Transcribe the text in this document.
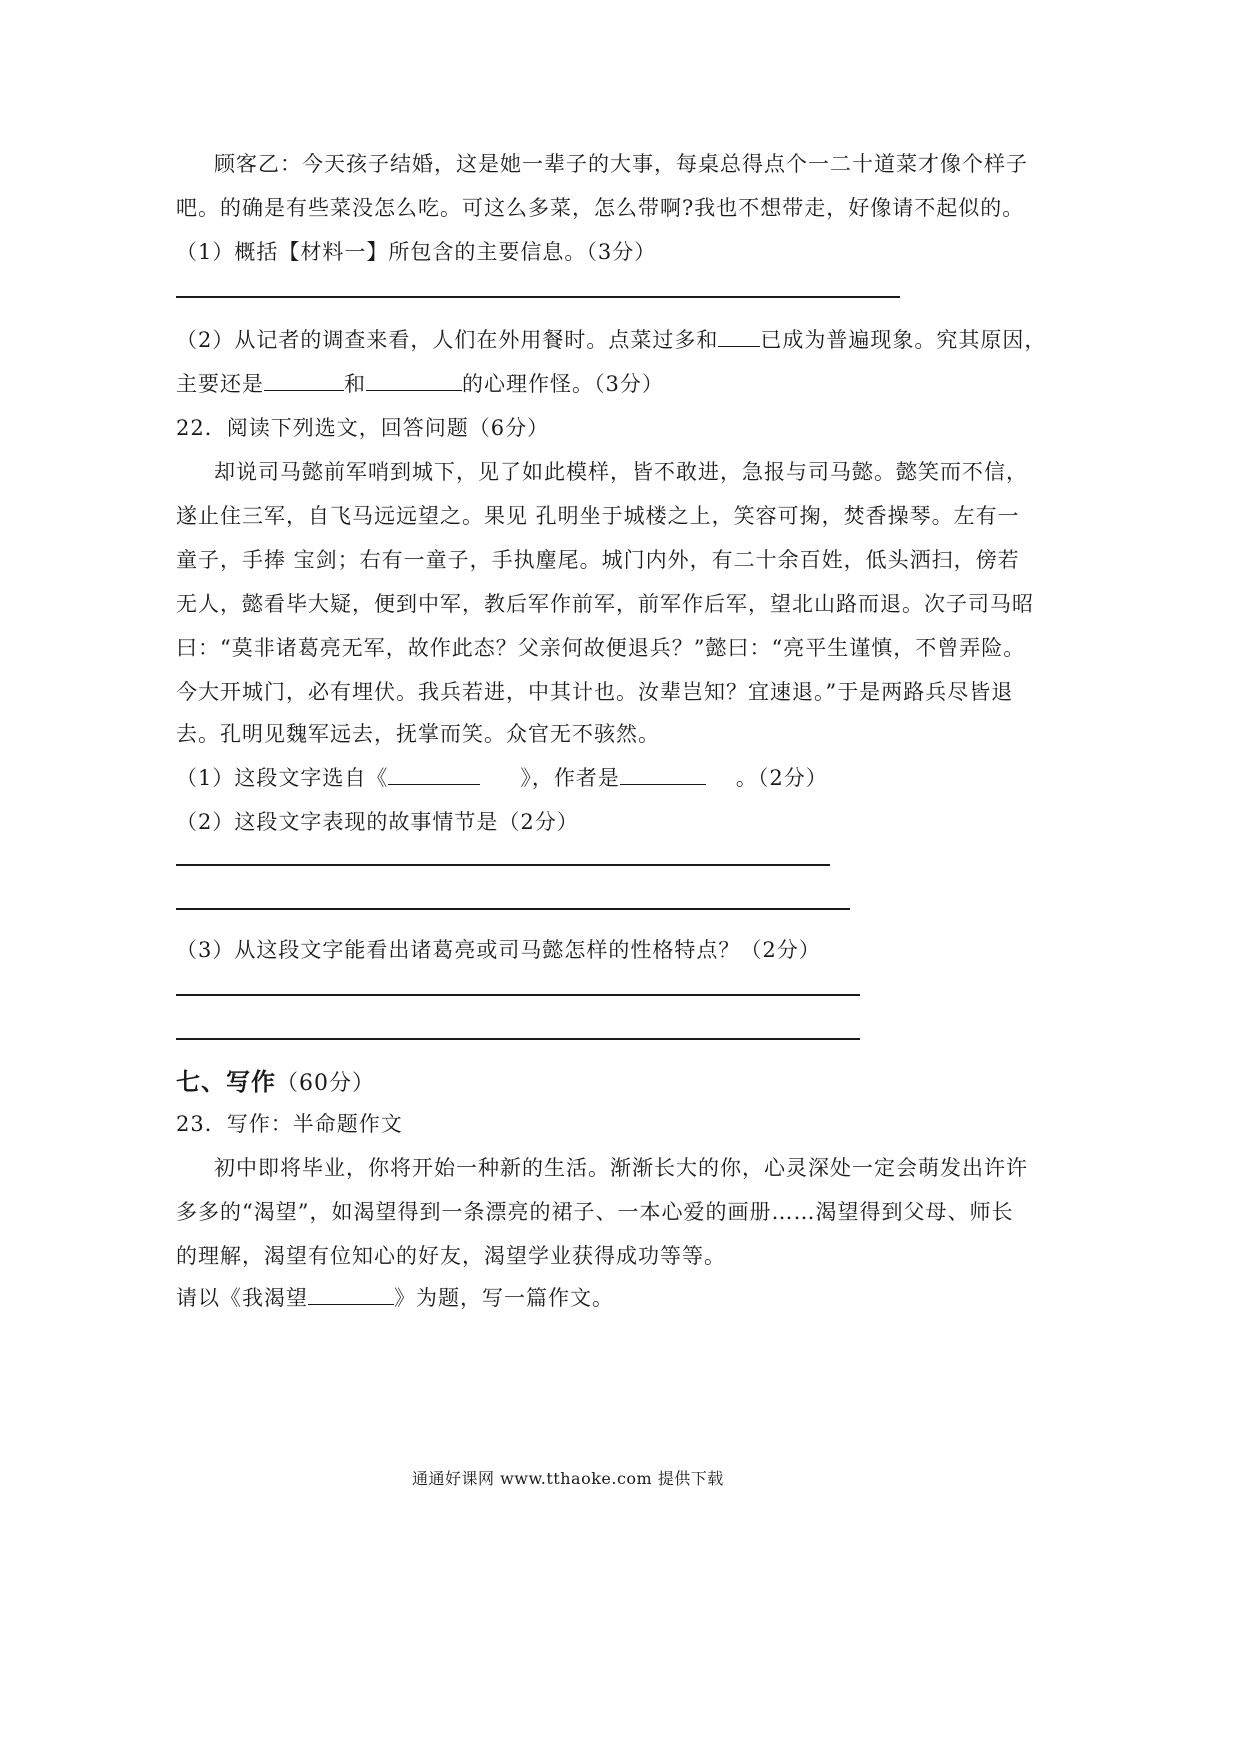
顾客乙：今天孩子结婚，这是她一辈子的大事，每桌总得点个一二十道菜才像个样子
吧。的确是有些菜没怎么吃。可这么多菜，怎么带啊?我也不想带走，好像请不起似的。
（1）概括【材料一】所包含的主要信息。（3分）
（2）从记者的调查来看，人们在外用餐时。点菜过多和 已成为普遍现象。究其原因，
主要还是	和	的心理作怪。（3分）
22．阅读下列选文，回答问题（6分）
却说司马懿前军哨到城下，见了如此模样，皆不敢进，急报与司马懿。懿笑而不信，
遂止住三军，自飞马远远望之。果见 孔明坐于城楼之上，笑容可掬，焚香操琴。左有一
童子，手捧 宝剑；右有一童子，手执麈尾。城门内外，有二十余百姓，低头洒扫，傍若
无人，懿看毕大疑，便到中军，教后军作前军，前军作后军，望北山路而退。次子司马昭
曰：“莫非诸葛亮无军，故作此态？父亲何故便退兵？”懿曰：“亮平生谨慎，不曾弄险。
今大开城门，必有埋伏。我兵若进，中其计也。汝辈岂知？宜速退。”于是两路兵尽皆退
去。孔明见魏军远去，抚掌而笑。众官无不骇然。
（1）这段文字选自《	》，作者是	。（2分）
（2）这段文字表现的故事情节是（2分）
（3）从这段文字能看出诸葛亮或司马懿怎样的性格特点？（2分）
七、写作（60分）
23．写作：半命题作文
初中即将毕业，你将开始一种新的生活。渐渐长大的你，心灵深处一定会萌发出许许
多多的“渴望”，如渴望得到一条漂亮的裙子、一本心爱的画册……渴望得到父母、师长
的理解，渴望有位知心的好友，渴望学业获得成功等等。
请以《我渴望	》为题，写一篇作文。
通通好课网 www.tthaoke.com 提供下载
